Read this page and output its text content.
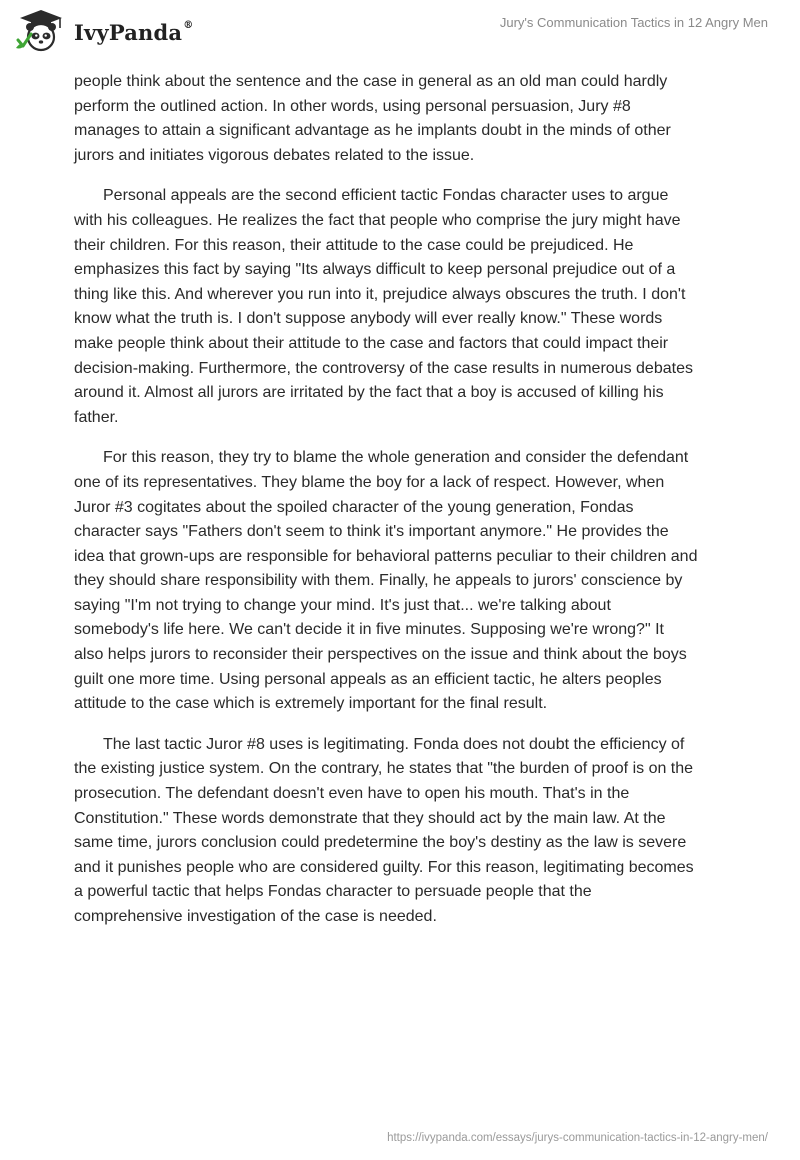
IvyPanda®	Jury's Communication Tactics in 12 Angry Men

people think about the sentence and the case in general as an old man could hardly
perform the outlined action. In other words, using personal persuasion, Jury #8
manages to attain a significant advantage as he implants doubt in the minds of other
jurors and initiates vigorous debates related to the issue.

Personal appeals are the second efficient tactic Fondas character uses to argue
with his colleagues. He realizes the fact that people who comprise the jury might have
their children. For this reason, their attitude to the case could be prejudiced. He
emphasizes this fact by saying "Its always difficult to keep personal prejudice out of a
thing like this. And wherever you run into it, prejudice always obscures the truth. I don't
know what the truth is. I don't suppose anybody will ever really know." These words
make people think about their attitude to the case and factors that could impact their
decision-making. Furthermore, the controversy of the case results in numerous debates
around it. Almost all jurors are irritated by the fact that a boy is accused of killing his
father.

For this reason, they try to blame the whole generation and consider the defendant
one of its representatives. They blame the boy for a lack of respect. However, when
Juror #3 cogitates about the spoiled character of the young generation, Fondas
character says "Fathers don't seem to think it's important anymore." He provides the
idea that grown-ups are responsible for behavioral patterns peculiar to their children and
they should share responsibility with them. Finally, he appeals to jurors' conscience by
saying "I'm not trying to change your mind. It's just that... we're talking about
somebody's life here. We can't decide it in five minutes. Supposing we're wrong?" It
also helps jurors to reconsider their perspectives on the issue and think about the boys
guilt one more time. Using personal appeals as an efficient tactic, he alters peoples
attitude to the case which is extremely important for the final result.

The last tactic Juror #8 uses is legitimating. Fonda does not doubt the efficiency of
the existing justice system. On the contrary, he states that "the burden of proof is on the
prosecution. The defendant doesn't even have to open his mouth. That's in the
Constitution." These words demonstrate that they should act by the main law. At the
same time, jurors conclusion could predetermine the boy's destiny as the law is severe
and it punishes people who are considered guilty. For this reason, legitimating becomes
a powerful tactic that helps Fondas character to persuade people that the
comprehensive investigation of the case is needed.

https://ivypanda.com/essays/jurys-communication-tactics-in-12-angry-men/
